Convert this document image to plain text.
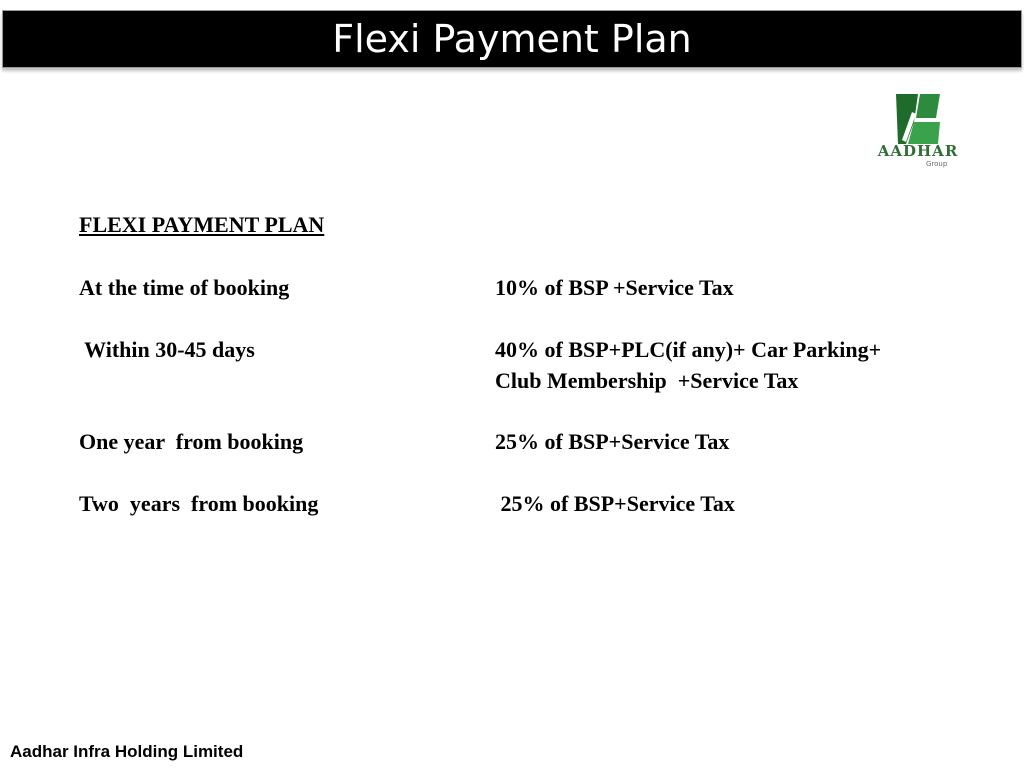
Flexi Payment Plan
AADHAR
Group
FLEXI PAYMENT PLAN
At the time of booking	10% of BSP +Service Tax
Within 30-45 days	40% of BSP+PLC(if any)+ Car Parking+
Club Membership  +Service Tax
One year  from booking	25% of BSP+Service Tax
Two  years  from booking	25% of BSP+Service Tax
Aadhar Infra Holding Limited
